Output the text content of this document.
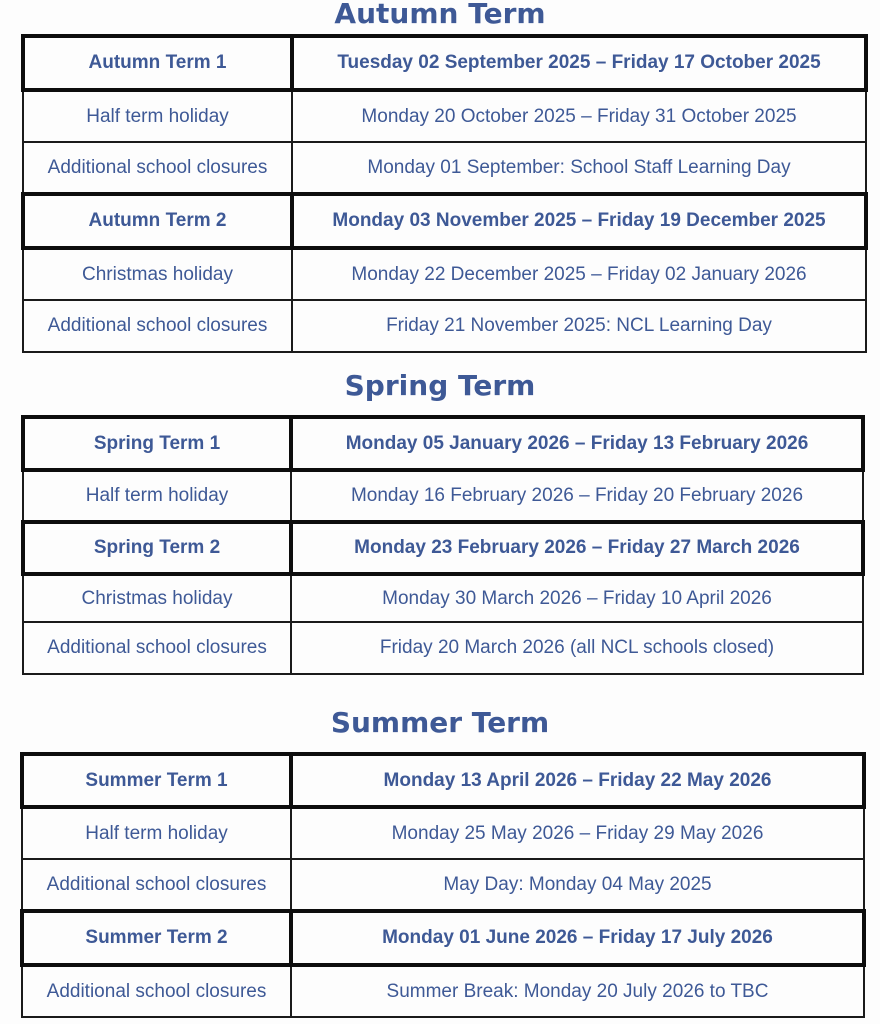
Autumn Term
Autumn Term 1	Tuesday 02 September 2025 – Friday 17 October 2025
Half term holiday	Monday 20 October 2025 – Friday 31 October 2025
Additional school closures	Monday 01 September: School Staff Learning Day
Autumn Term 2	Monday 03 November 2025 – Friday 19 December 2025
Christmas holiday	Monday 22 December 2025 – Friday 02 January 2026
Additional school closures	Friday 21 November 2025: NCL Learning Day
Spring Term
Spring Term 1	Monday 05 January 2026 – Friday 13 February 2026
Half term holiday	Monday 16 February 2026 – Friday 20 February 2026
Spring Term 2	Monday 23 February 2026 – Friday 27 March 2026
Christmas holiday	Monday 30 March 2026 – Friday 10 April 2026
Additional school closures	Friday 20 March 2026 (all NCL schools closed)
Summer Term
Summer Term 1	Monday 13 April 2026 – Friday 22 May 2026
Half term holiday	Monday 25 May 2026 – Friday 29 May 2026
Additional school closures	May Day: Monday 04 May 2025
Summer Term 2	Monday 01 June 2026 – Friday 17 July 2026
Additional school closures	Summer Break: Monday 20 July 2026 to TBC
